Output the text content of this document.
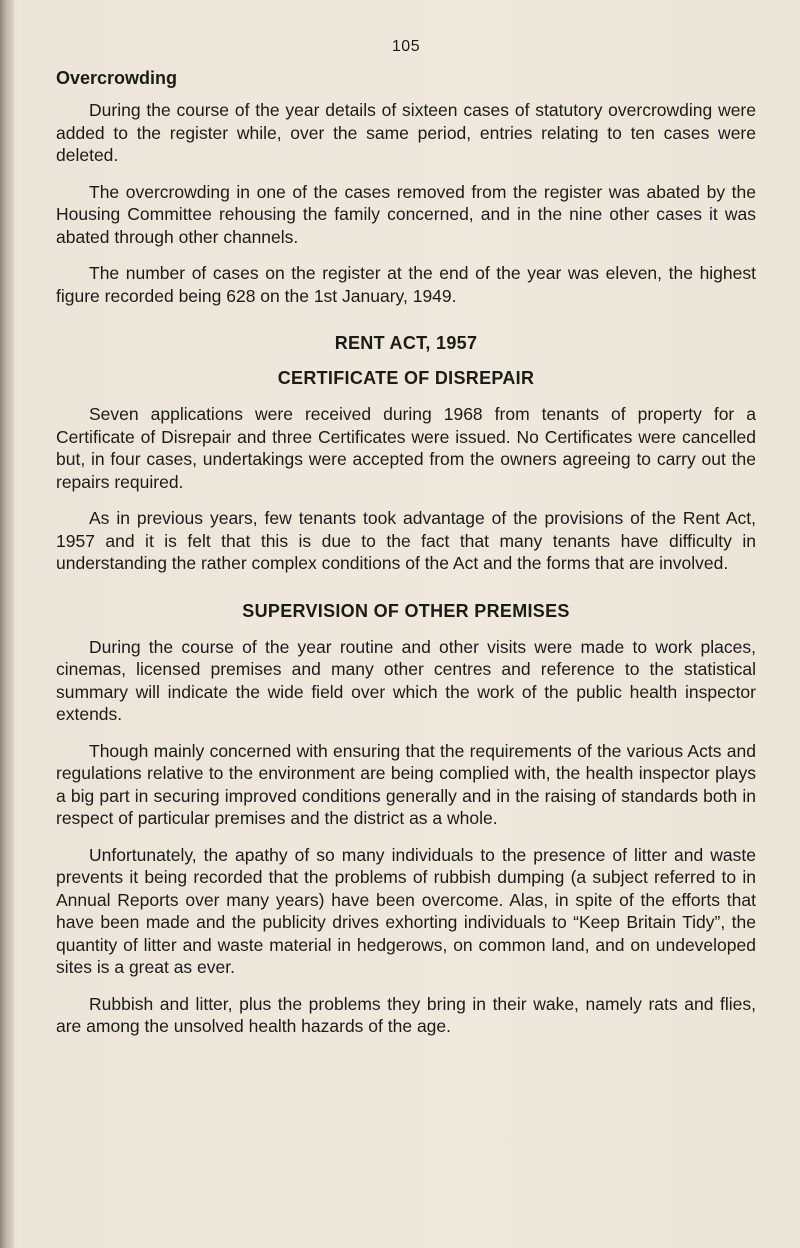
105
Overcrowding

During the course of the year details of sixteen cases of statutory overcrowding were added to the register while, over the same period, entries relating to ten cases were deleted.

The overcrowding in one of the cases removed from the register was abated by the Housing Committee rehousing the family concerned, and in the nine other cases it was abated through other channels.

The number of cases on the register at the end of the year was eleven, the highest figure recorded being 628 on the 1st January, 1949.

RENT ACT, 1957
CERTIFICATE OF DISREPAIR

Seven applications were received during 1968 from tenants of property for a Certificate of Disrepair and three Certificates were issued. No Certificates were cancelled but, in four cases, undertakings were accepted from the owners agreeing to carry out the repairs required.

As in previous years, few tenants took advantage of the provisions of the Rent Act, 1957 and it is felt that this is due to the fact that many tenants have difficulty in understanding the rather complex conditions of the Act and the forms that are involved.

SUPERVISION OF OTHER PREMISES

During the course of the year routine and other visits were made to work places, cinemas, licensed premises and many other centres and reference to the statistical summary will indicate the wide field over which the work of the public health inspector extends.

Though mainly concerned with ensuring that the requirements of the various Acts and regulations relative to the environment are being complied with, the health inspector plays a big part in securing improved conditions generally and in the raising of standards both in respect of particular premises and the district as a whole.

Unfortunately, the apathy of so many individuals to the presence of litter and waste prevents it being recorded that the problems of rubbish dumping (a subject referred to in Annual Reports over many years) have been overcome. Alas, in spite of the efforts that have been made and the publicity drives exhorting individuals to “Keep Britain Tidy”, the quantity of litter and waste material in hedgerows, on common land, and on undeveloped sites is a great as ever.

Rubbish and litter, plus the problems they bring in their wake, namely rats and flies, are among the unsolved health hazards of the age.
